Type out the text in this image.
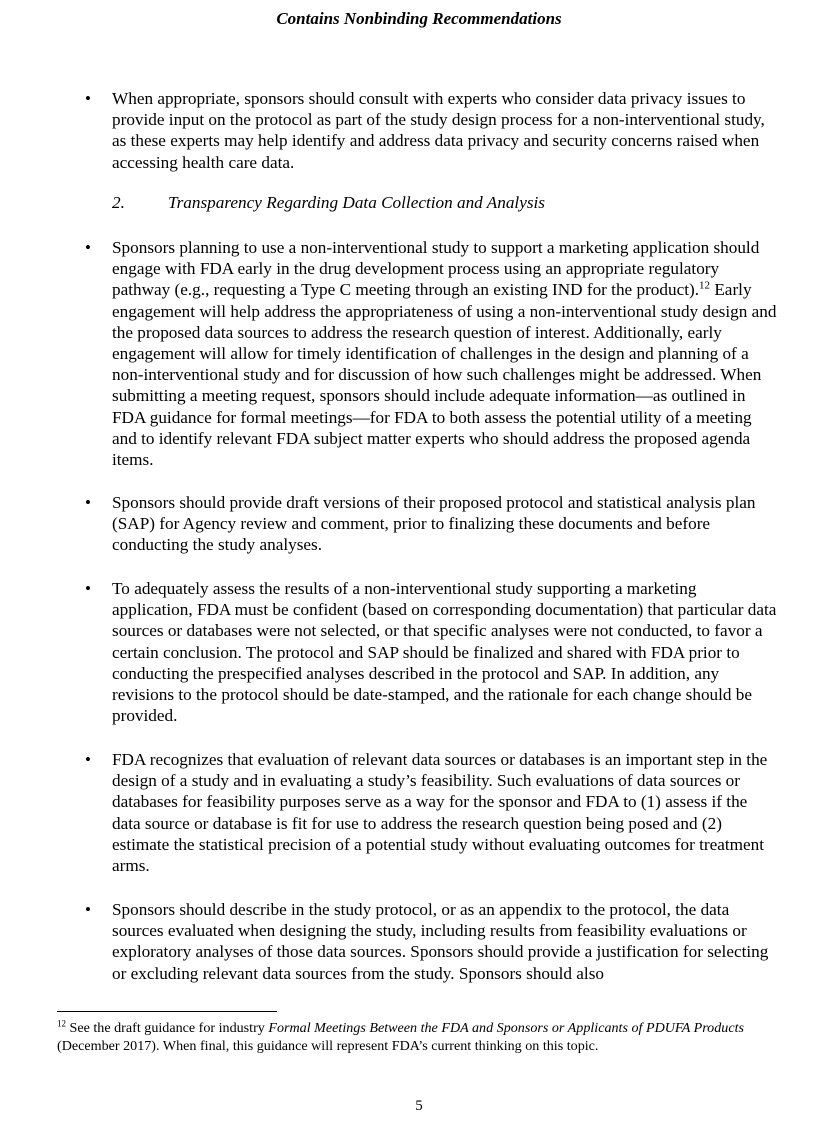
Contains Nonbinding Recommendations
• When appropriate, sponsors should consult with experts who consider data privacy issues to provide input on the protocol as part of the study design process for a non-interventional study, as these experts may help identify and address data privacy and security concerns raised when accessing health care data.
2.	Transparency Regarding Data Collection and Analysis
• Sponsors planning to use a non-interventional study to support a marketing application should engage with FDA early in the drug development process using an appropriate regulatory pathway (e.g., requesting a Type C meeting through an existing IND for the product).$^{12}$ Early engagement will help address the appropriateness of using a non-interventional study design and the proposed data sources to address the research question of interest. Additionally, early engagement will allow for timely identification of challenges in the design and planning of a non-interventional study and for discussion of how such challenges might be addressed. When submitting a meeting request, sponsors should include adequate information—as outlined in FDA guidance for formal meetings—for FDA to both assess the potential utility of a meeting and to identify relevant FDA subject matter experts who should address the proposed agenda items.
• Sponsors should provide draft versions of their proposed protocol and statistical analysis plan (SAP) for Agency review and comment, prior to finalizing these documents and before conducting the study analyses.
• To adequately assess the results of a non-interventional study supporting a marketing application, FDA must be confident (based on corresponding documentation) that particular data sources or databases were not selected, or that specific analyses were not conducted, to favor a certain conclusion. The protocol and SAP should be finalized and shared with FDA prior to conducting the prespecified analyses described in the protocol and SAP. In addition, any revisions to the protocol should be date-stamped, and the rationale for each change should be provided.
• FDA recognizes that evaluation of relevant data sources or databases is an important step in the design of a study and in evaluating a study’s feasibility. Such evaluations of data sources or databases for feasibility purposes serve as a way for the sponsor and FDA to (1) assess if the data source or database is fit for use to address the research question being posed and (2) estimate the statistical precision of a potential study without evaluating outcomes for treatment arms.
• Sponsors should describe in the study protocol, or as an appendix to the protocol, the data sources evaluated when designing the study, including results from feasibility evaluations or exploratory analyses of those data sources. Sponsors should provide a justification for selecting or excluding relevant data sources from the study. Sponsors should also
$^{12}$ See the draft guidance for industry Formal Meetings Between the FDA and Sponsors or Applicants of PDUFA Products (December 2017). When final, this guidance will represent FDA’s current thinking on this topic.
5
